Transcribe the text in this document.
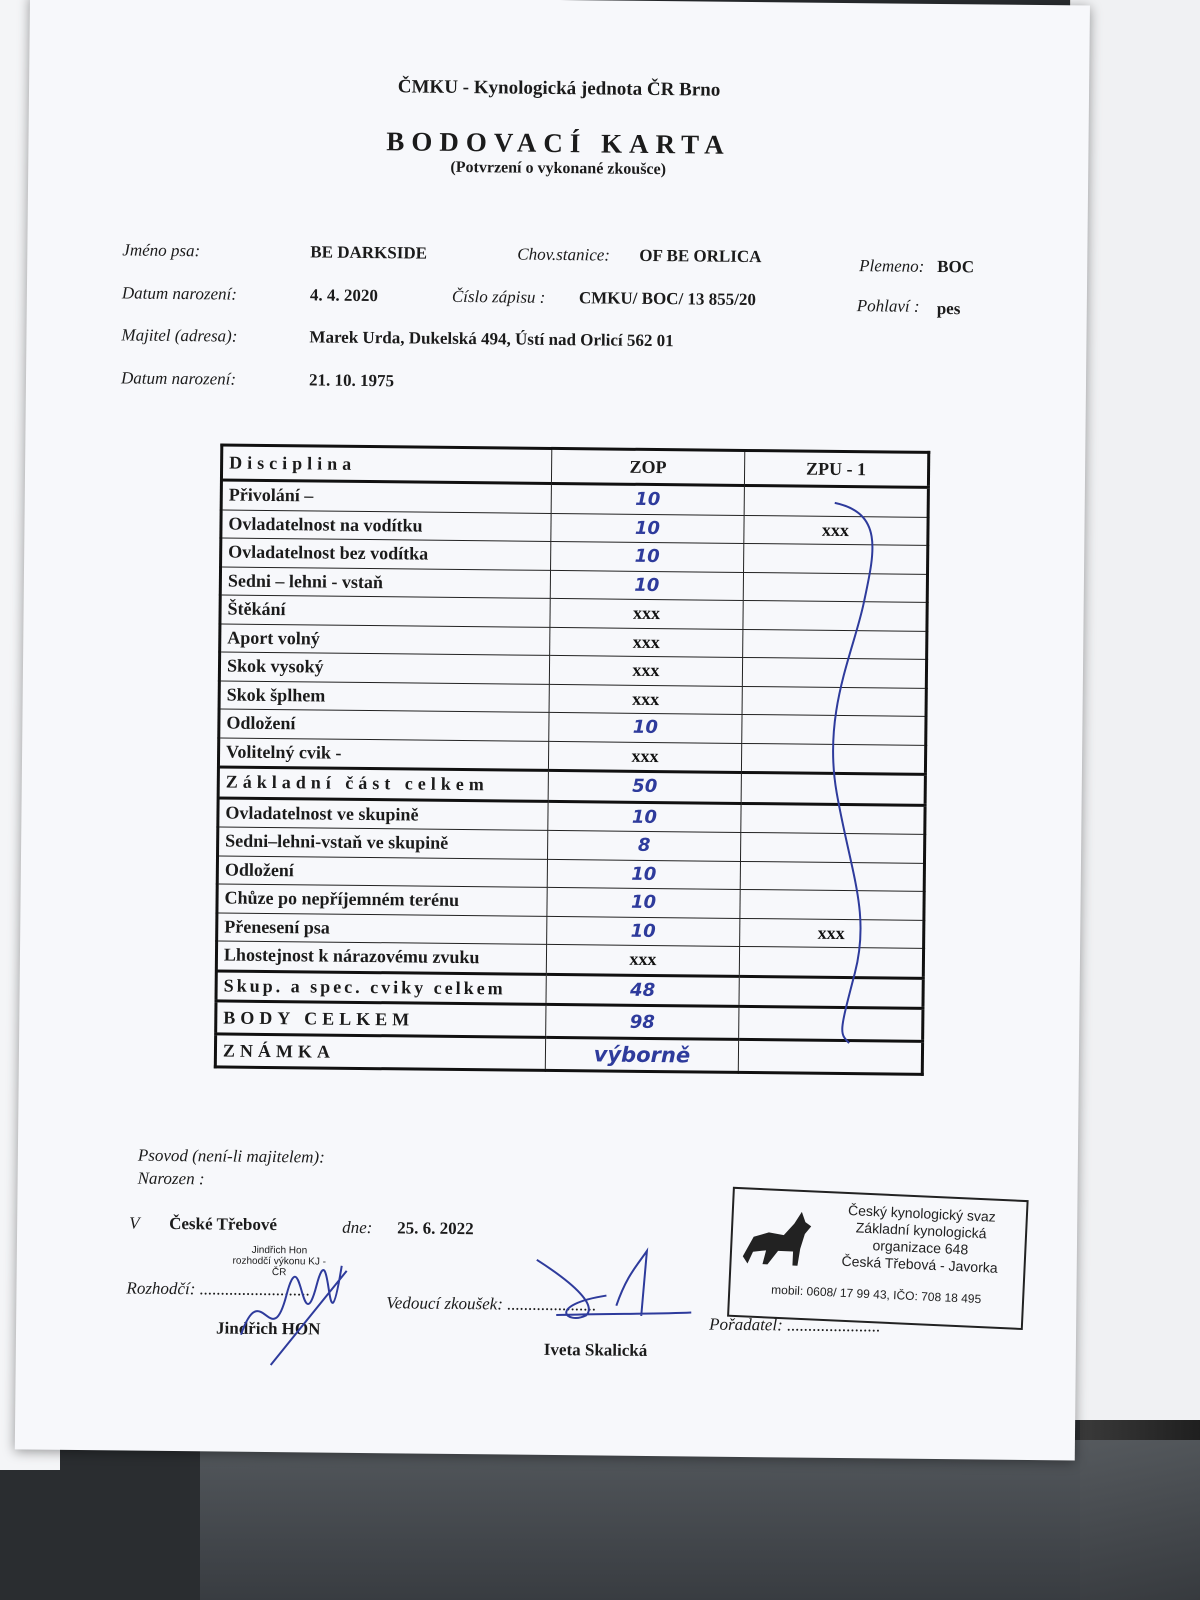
ČMKU - Kynologická jednota ČR Brno
BODOVACÍ KARTA
(Potvrzení o vykonané zkoušce)
Jméno psa:	BE DARKSIDE	Chov.stanice: OF BE ORLICA	Plemeno: BOC
Datum narození:	4. 4. 2020	Číslo zápisu : CMKU/ BOC/ 13 855/20	Pohlaví : pes
Majitel (adresa):	Marek Urda, Dukelská 494, Ústí nad Orlicí 562 01
Datum narození:	21. 10. 1975
Disciplina	ZOP	ZPU - 1
Přivolání –	10	
Ovladatelnost na vodítku	10	xxx
Ovladatelnost bez vodítka	10	
Sedni – lehni - vstaň	10	
Štěkání	xxx	
Aport volný	xxx	
Skok vysoký	xxx	
Skok šplhem	xxx	
Odložení	10	
Volitelný cvik -	xxx	
Základní část celkem	50	
Ovladatelnost ve skupině	10	
Sedni–lehni-vstaň ve skupině	8	
Odložení	10	
Chůze po nepříjemném terénu	10	
Přenesení psa	10	xxx
Lhostejnost k nárazovému zvuku	xxx	
Skup. a spec. cviky celkem	48	
BODY CELKEM	98	
ZNÁMKA	výborně	
Psovod (není-li majitelem):
Narozen :
V České Třebové	dne: 25. 6. 2022
Jindřich Hon rozhodčí výkonu KJ - ČR
Rozhodčí: ..........................
Jindřich HON
Vedoucí zkoušek: .....................
Iveta Skalická
Pořadatel: ......................
Český kynologický svaz
Základní kynologická organizace 648
Česká Třebová - Javorka
mobil: 0608/ 17 99 43, IČO: 708 18 495
